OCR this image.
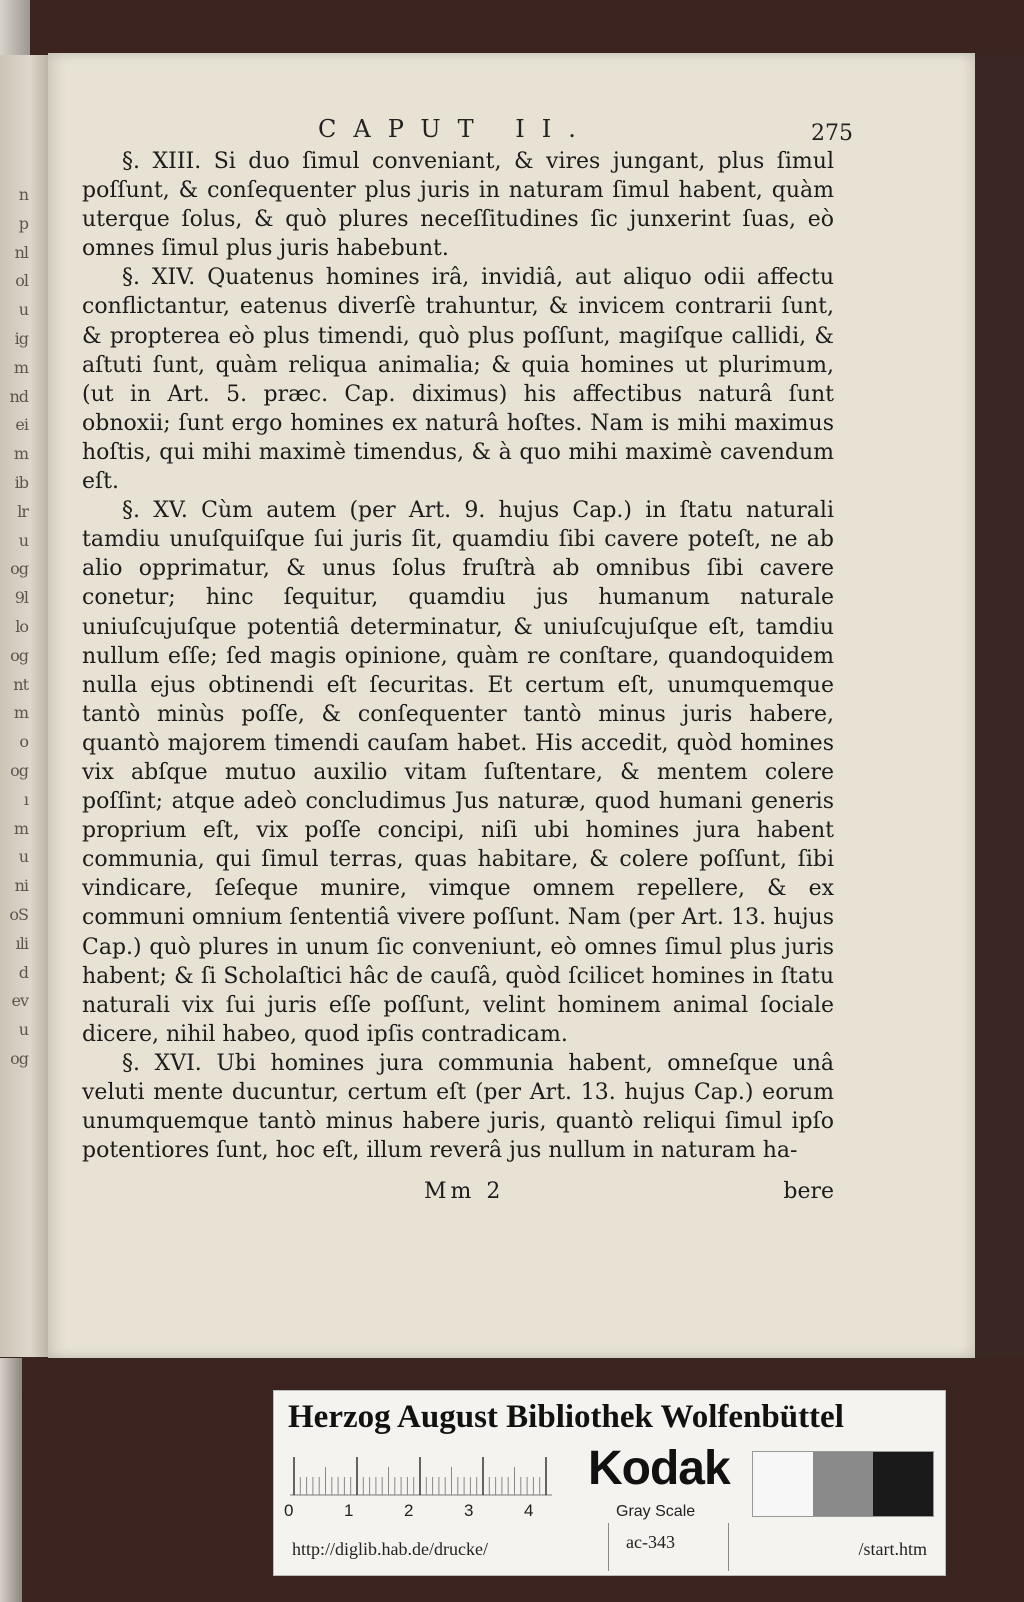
n
p
nl
ol
u
ig
m
nd
ei
m
ib
lr
u
og
9l
lo
og
nt
m
o
og
ı
m
u
ni
oS
ıli
d
ev
u
og
CAPUT II.	275

§. XIII. Si duo ſimul conveniant, & vires jungant, plus ſimul poſſunt, & conſequenter plus juris in naturam ſimul habent, quàm uterque ſolus, & quò plures neceſſitudines ſic junxerint ſuas, eò omnes ſimul plus juris habebunt.

§. XIV. Quatenus homines irâ, invidiâ, aut aliquo odii affectu conflictantur, eatenus diverſè trahuntur, & invicem contrarii ſunt, & propterea eò plus timendi, quò plus poſſunt, magiſque callidi, & aſtuti ſunt, quàm reliqua animalia; & quia homines ut plurimum, (ut in Art. 5. præc. Cap. diximus) his affectibus naturâ ſunt obnoxii; ſunt ergo homines ex naturâ hoſtes. Nam is mihi maximus hoſtis, qui mihi maximè timendus, & à quo mihi maximè cavendum eſt.

§. XV. Cùm autem (per Art. 9. hujus Cap.) in ſtatu naturali tamdiu unuſquiſque ſui juris ſit, quamdiu ſibi cavere poteſt, ne ab alio opprimatur, & unus ſolus fruſtrà ab omnibus ſibi cavere conetur; hinc ſequitur, quamdiu jus humanum naturale uniuſcujuſque potentiâ determinatur, & uniuſcujuſque eſt, tamdiu nullum eſſe; ſed magis opinione, quàm re conſtare, quandoquidem nulla ejus obtinendi eſt ſecuritas. Et certum eſt, unumquemque tantò minùs poſſe, & conſequenter tantò minus juris habere, quantò majorem timendi cauſam habet. His accedit, quòd homines vix abſque mutuo auxilio vitam ſuſtentare, & mentem colere poſſint; atque adeò concludimus Jus naturæ, quod humani generis proprium eſt, vix poſſe concipi, niſi ubi homines jura habent communia, qui ſimul terras, quas habitare, & colere poſſunt, ſibi vindicare, ſeſeque munire, vimque omnem repellere, & ex communi omnium ſententiâ vivere poſſunt. Nam (per Art. 13. hujus Cap.) quò plures in unum ſic conveniunt, eò omnes ſimul plus juris habent; & ſi Scholaſtici hâc de cauſâ, quòd ſcilicet homines in ſtatu naturali vix ſui juris eſſe poſſunt, velint hominem animal ſociale dicere, nihil habeo, quod ipſis contradicam.

§. XVI. Ubi homines jura communia habent, omneſque unâ veluti mente ducuntur, certum eſt (per Art. 13. hujus Cap.) eorum unumquemque tantò minus habere juris, quantò reliqui ſimul ipſo potentiores ſunt, hoc eſt, illum reverâ jus nullum in naturam ha-

Mm 2	bere
Herzog August Bibliothek Wolfenbüttel
0	1	2	3	4
Kodak
Gray Scale
http://diglib.hab.de/drucke/	ac-343	/start.htm
